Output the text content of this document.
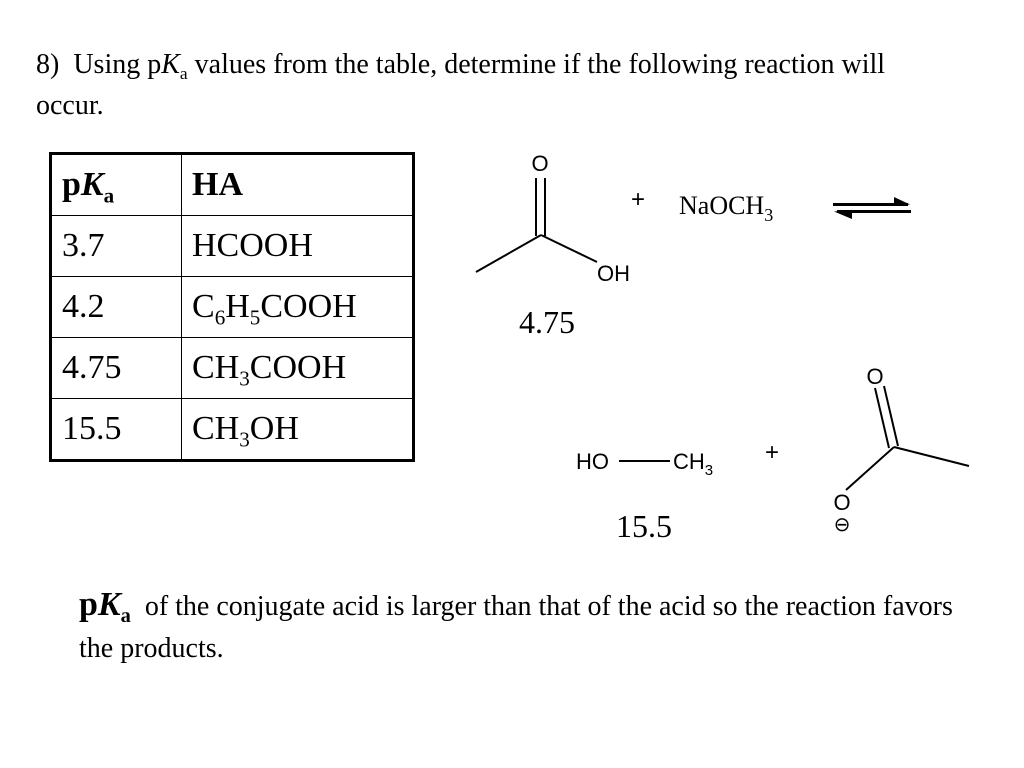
8) Using $pK_a$ values from the table, determine if the following reaction will occur.

$pK_a$	HA
3.7	HCOOH
4.2	$C_6H_5COOH$
4.75	$CH_3COOH$
15.5	$CH_3OH$
O
OH
4.75
+ NaOCH$_3$
HO	$CH_3$
15.5
+
O
O
⊖

$pK_a$  of the conjugate acid is larger than that of the acid so the reaction favors the products.
